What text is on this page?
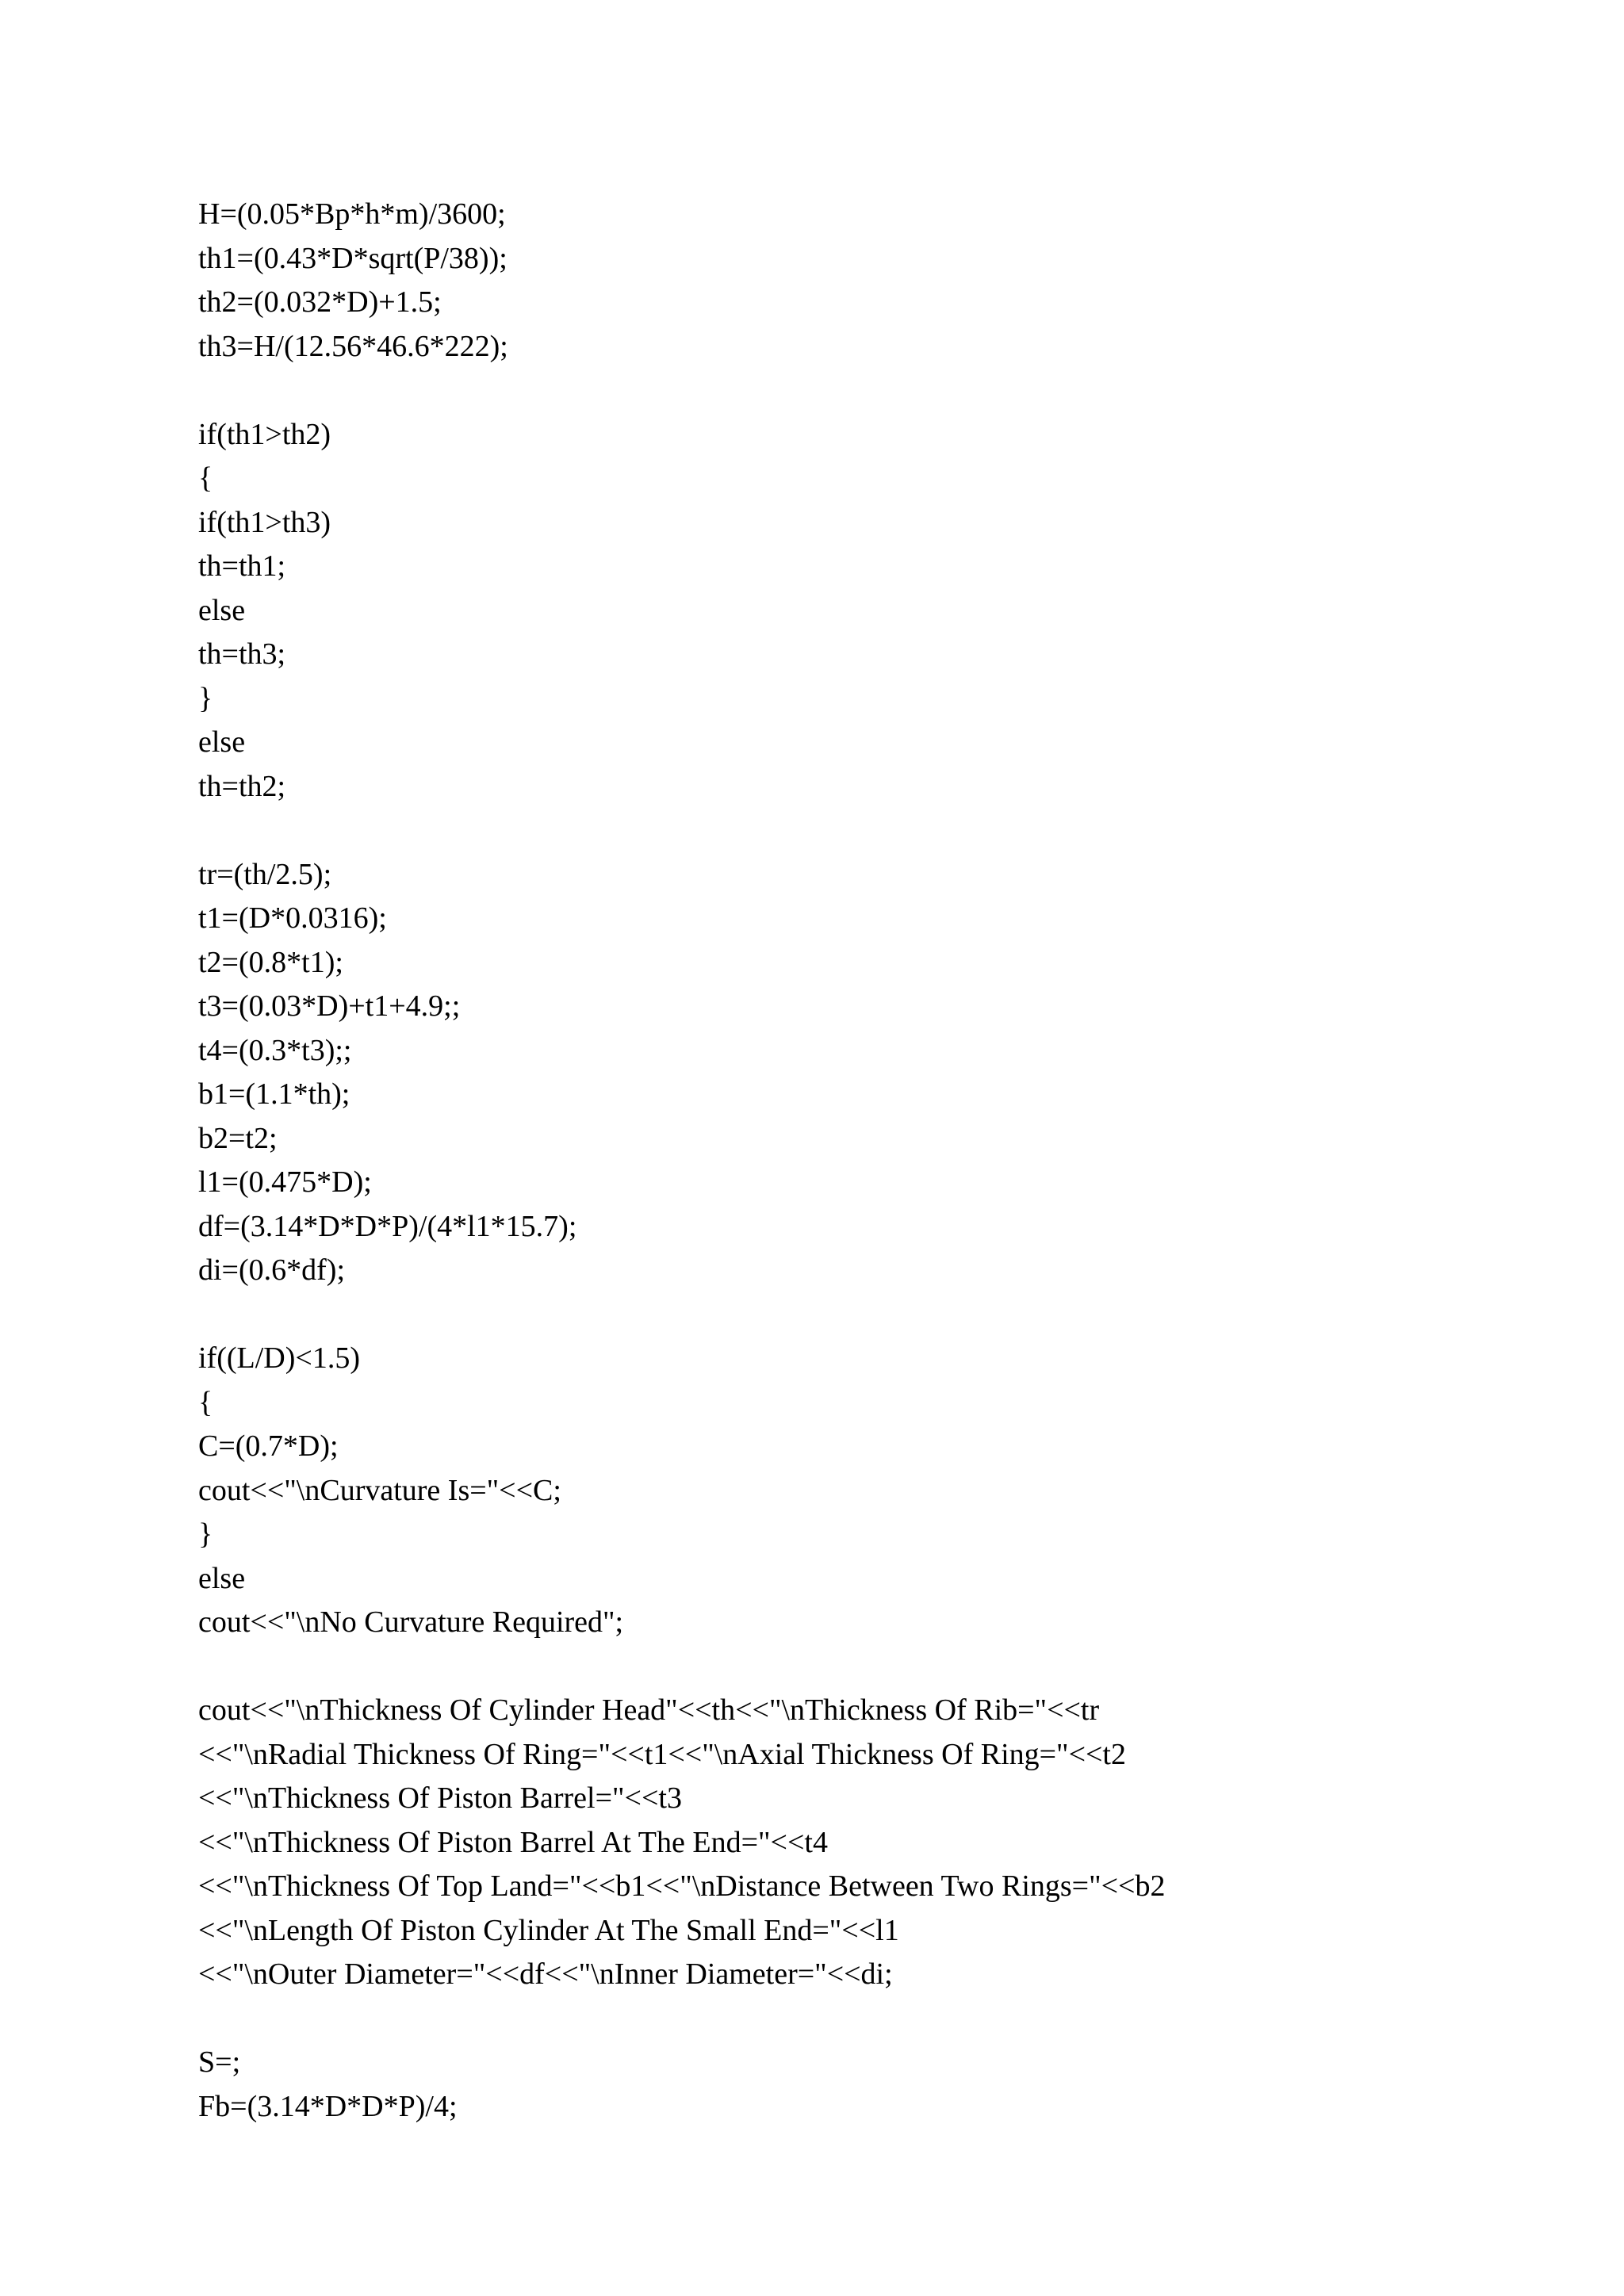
H=(0.05*Bp*h*m)/3600;
th1=(0.43*D*sqrt(P/38));
th2=(0.032*D)+1.5;
th3=H/(12.56*46.6*222);
if(th1>th2)
{
if(th1>th3)
th=th1;
else
th=th3;
}
else
th=th2;
tr=(th/2.5);
t1=(D*0.0316);
t2=(0.8*t1);
t3=(0.03*D)+t1+4.9;;
t4=(0.3*t3);;
b1=(1.1*th);
b2=t2;
l1=(0.475*D);
df=(3.14*D*D*P)/(4*l1*15.7);
di=(0.6*df);
if((L/D)<1.5)
{
C=(0.7*D);
cout<<"\nCurvature Is="<<C;
}
else
cout<<"\nNo Curvature Required";
cout<<"\nThickness Of Cylinder Head"<<th<<"\nThickness Of Rib="<<tr
<<"\nRadial Thickness Of Ring="<<t1<<"\nAxial Thickness Of Ring="<<t2
<<"\nThickness Of Piston Barrel="<<t3
<<"\nThickness Of Piston Barrel At The End="<<t4
<<"\nThickness Of Top Land="<<b1<<"\nDistance Between Two Rings="<<b2
<<"\nLength Of Piston Cylinder At The Small End="<<l1
<<"\nOuter Diameter="<<df<<"\nInner Diameter="<<di;
S=;
Fb=(3.14*D*D*P)/4;
